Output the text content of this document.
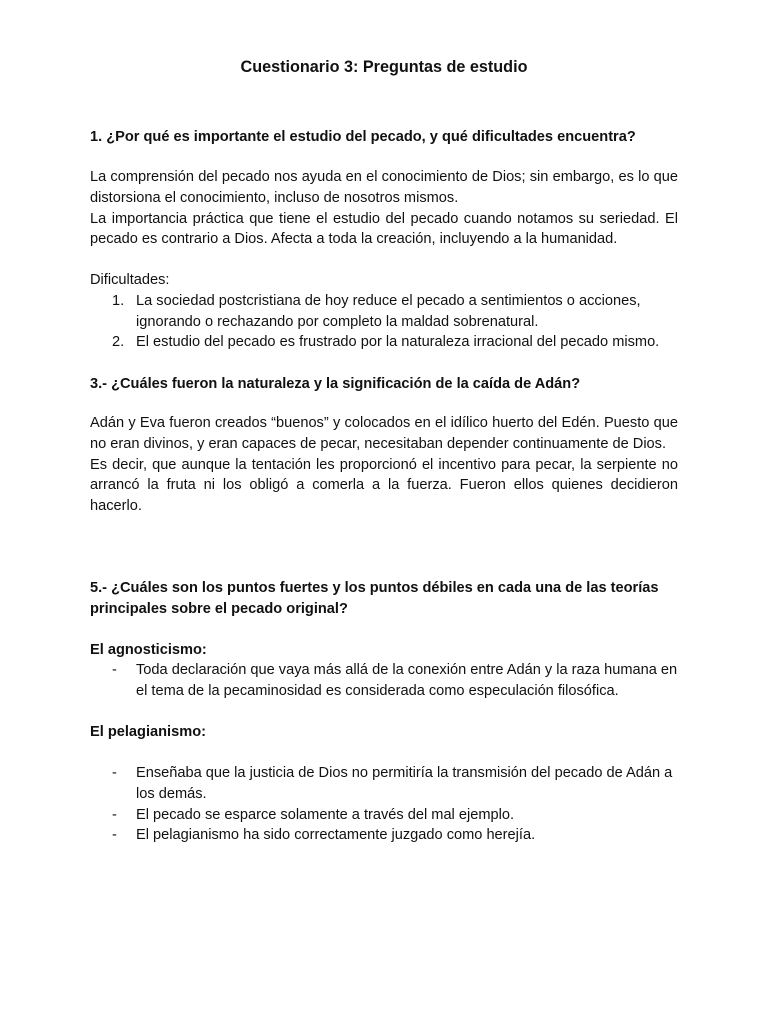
Cuestionario 3: Preguntas de estudio
1. ¿Por qué es importante el estudio del pecado, y qué dificultades encuentra?

La comprensión del pecado nos ayuda en el conocimiento de Dios; sin embargo, es lo que distorsiona el conocimiento, incluso de nosotros mismos.

La importancia práctica que tiene el estudio del pecado cuando notamos su seriedad. El pecado es contrario a Dios. Afecta a toda la creación, incluyendo a la humanidad.

Dificultades:

1. La sociedad postcristiana de hoy reduce el pecado a sentimientos o acciones, ignorando o rechazando por completo la maldad sobrenatural.
2. El estudio del pecado es frustrado por la naturaleza irracional del pecado mismo.
3.- ¿Cuáles fueron la naturaleza y la significación de la caída de Adán?

Adán y Eva fueron creados “buenos” y colocados en el idílico huerto del Edén. Puesto que no eran divinos, y eran capaces de pecar, necesitaban depender continuamente de Dios.

Es decir, que aunque la tentación les proporcionó el incentivo para pecar, la serpiente no arrancó la fruta ni los obligó a comerla a la fuerza. Fueron ellos quienes decidieron hacerlo.

5.- ¿Cuáles son los puntos fuertes y los puntos débiles en cada una de las teorías principales sobre el pecado original?
El agnosticismo:
- Toda declaración que vaya más allá de la conexión entre Adán y la raza humana en el tema de la pecaminosidad es considerada como especulación filosófica.
El pelagianismo:
- Enseñaba que la justicia de Dios no permitiría la transmisión del pecado de Adán a los demás.
- El pecado se esparce solamente a través del mal ejemplo.
- El pelagianismo ha sido correctamente juzgado como herejía.
